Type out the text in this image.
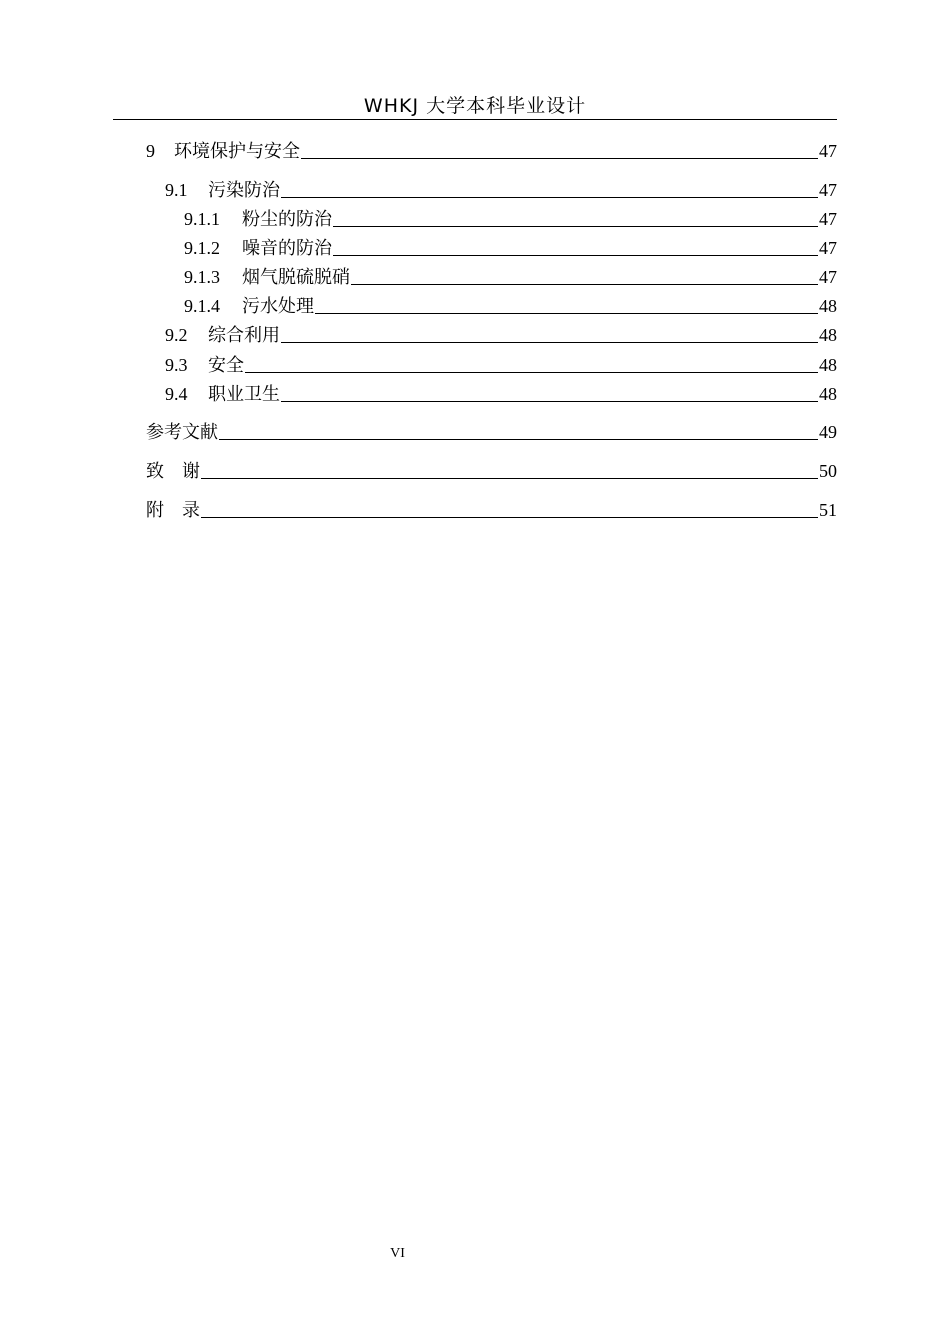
WHKJ 大学本科毕业设计
9 环境保护与安全	47
9.1 污染防治	47
9.1.1 粉尘的防治	47
9.1.2 噪音的防治	47
9.1.3 烟气脱硫脱硝	47
9.1.4 污水处理	48
9.2 综合利用	48
9.3 安全	48
9.4 职业卫生	48
参考文献	49
致　谢	50
附　录	51
VI
